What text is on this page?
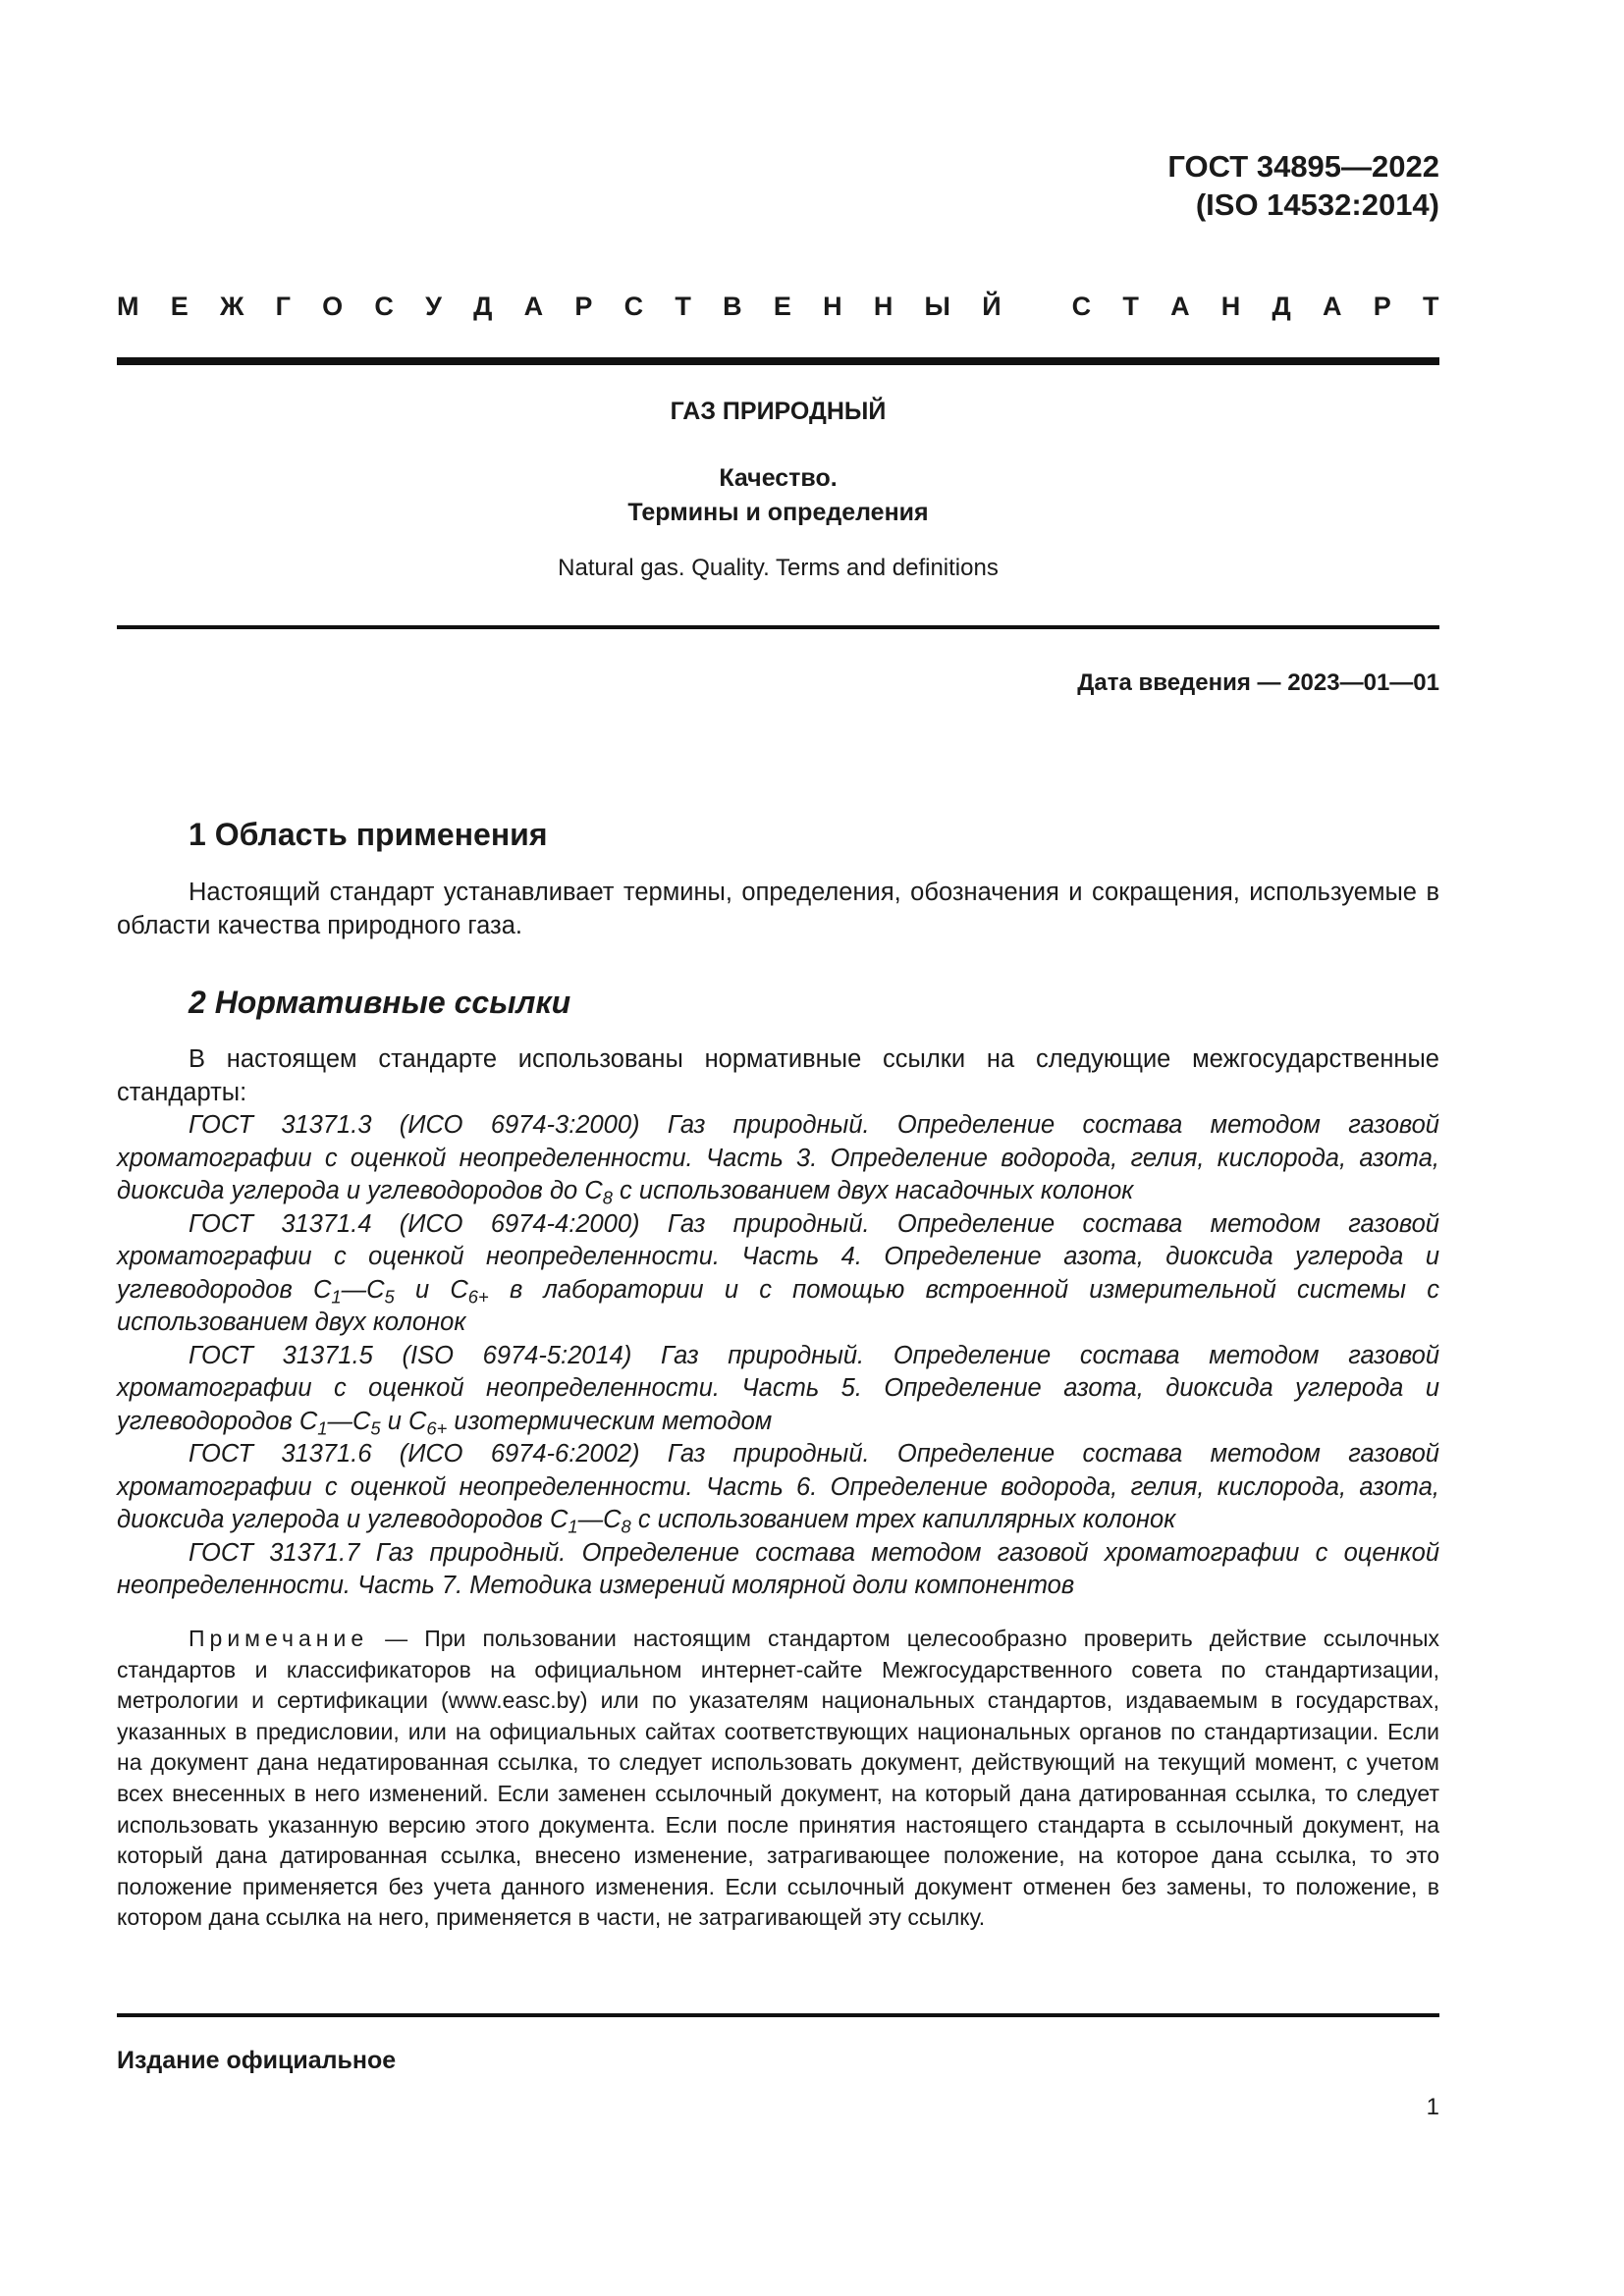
ГОСТ 34895—2022
(ISO 14532:2014)
М Е Ж Г О С У Д А Р С Т В Е Н Н Ы Й
	С Т А Н Д А Р Т
ГАЗ ПРИРОДНЫЙ
Качество.
Термины и определения
Natural gas. Quality. Terms and definitions
Дата введения — 2023—01—01
1 Область применения

Настоящий стандарт устанавливает термины, определения, обозначения и сокращения, используемые в области качества природного газа.

2 Нормативные ссылки

В настоящем стандарте использованы нормативные ссылки на следующие межгосударственные стандарты:

ГОСТ 31371.3 (ИСО 6974-3:2000) Газ природный. Определение состава методом газовой хроматографии с оценкой неопределенности. Часть 3. Определение водорода, гелия, кислорода, азота, диоксида углерода и углеводородов до $C_8$ с использованием двух насадочных колонок

ГОСТ 31371.4 (ИСО 6974-4:2000) Газ природный. Определение состава методом газовой хроматографии с оценкой неопределенности. Часть 4. Определение азота, диоксида углерода и углеводородов $C_1—C_5$ и $C_{6+}$ в лаборатории и с помощью встроенной измерительной системы с использованием двух колонок

ГОСТ 31371.5 (ISO 6974-5:2014) Газ природный. Определение состава методом газовой хроматографии с оценкой неопределенности. Часть 5. Определение азота, диоксида углерода и углеводородов $C_1—C_5$ и $C_{6+}$ изотермическим методом

ГОСТ 31371.6 (ИСО 6974-6:2002) Газ природный. Определение состава методом газовой хроматографии с оценкой неопределенности. Часть 6. Определение водорода, гелия, кислорода, азота, диоксида углерода и углеводородов $C_1—C_8$ с использованием трех капиллярных колонок

ГОСТ 31371.7 Газ природный. Определение состава методом газовой хроматографии с оценкой неопределенности. Часть 7. Методика измерений молярной доли компонентов

Примечание — При пользовании настоящим стандартом целесообразно проверить действие ссылочных стандартов и классификаторов на официальном интернет-сайте Межгосударственного совета по стандартизации, метрологии и сертификации (www.easc.by) или по указателям национальных стандартов, издаваемым в государствах, указанных в предисловии, или на официальных сайтах соответствующих национальных органов по стандартизации. Если на документ дана недатированная ссылка, то следует использовать документ, действующий на текущий момент, с учетом всех внесенных в него изменений. Если заменен ссылочный документ, на который дана датированная ссылка, то следует использовать указанную версию этого документа. Если после принятия настоящего стандарта в ссылочный документ, на который дана датированная ссылка, внесено изменение, затрагивающее положение, на которое дана ссылка, то это положение применяется без учета данного изменения. Если ссылочный документ отменен без замены, то положение, в котором дана ссылка на него, применяется в части, не затрагивающей эту ссылку.
Издание официальное
1
